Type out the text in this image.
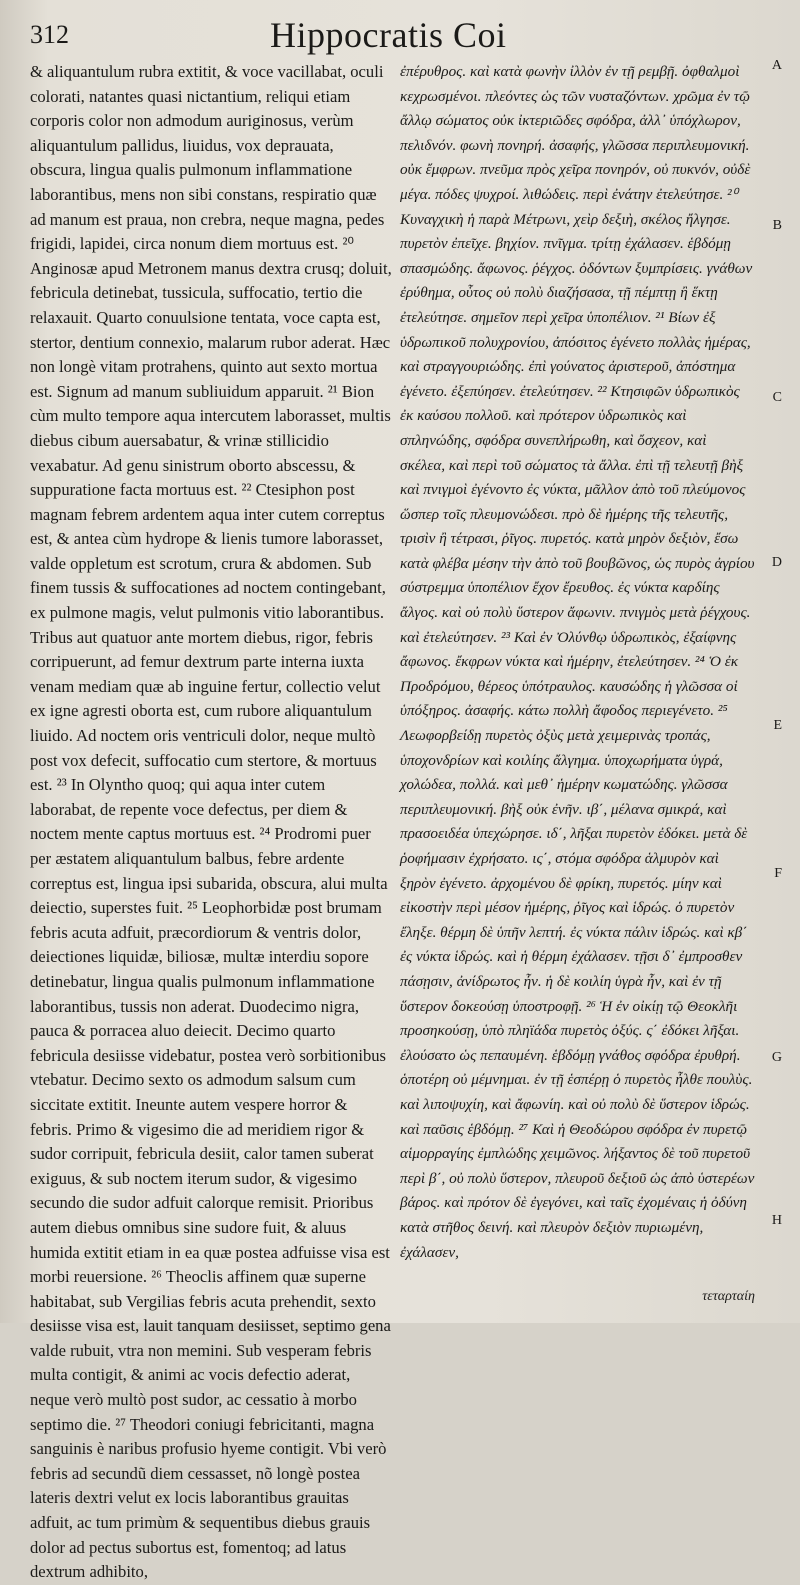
312	Hippocratis Coi

& aliquantulum rubra extitit, & voce vacillabat, oculi colorati, natantes quasi nictantium, reliqui etiam corporis color non admodum auriginosus, verùm aliquantulum pallidus, liuidus, vox deprauata, obscura, lingua qualis pulmonum inflammatione laborantibus, mens non sibi constans, respiratio quæ ad manum est praua, non crebra, neque magna, pedes frigidi, lapidei, circa nonum diem mortuus est. ²⁰ Anginosæ apud Metronem manus dextra crusq; doluit, febricula detinebat, tussicula, suffocatio, tertio die relaxauit. Quarto conuulsione tentata, voce capta est, stertor, dentium connexio, malarum rubor aderat. Hæc non longè vitam protrahens, quinto aut sexto mortua est. Signum ad manum subliuidum apparuit. ²¹ Bion cùm multo tempore aqua intercutem laborasset, multis diebus cibum auersabatur, & vrinæ stillicidio vexabatur. Ad genu sinistrum oborto abscessu, & suppuratione facta mortuus est. ²² Ctesiphon post magnam febrem ardentem aqua inter cutem correptus est, & antea cùm hydrope & lienis tumore laborasset, valde oppletum est scrotum, crura & abdomen. Sub finem tussis & suffocationes ad noctem contingebant, ex pulmone magis, velut pulmonis vitio laborantibus. Tribus aut quatuor ante mortem diebus, rigor, febris corripuerunt, ad femur dextrum parte interna iuxta venam mediam quæ ab inguine fertur, collectio velut ex igne agresti oborta est, cum rubore aliquantulum liuido. Ad noctem oris ventriculi dolor, neque multò post vox defecit, suffocatio cum stertore, & mortuus est. ²³ In Olyntho quoq; qui aqua inter cutem laborabat, de repente voce defectus, per diem & noctem mente captus mortuus est. ²⁴ Prodromi puer per æstatem aliquantulum balbus, febre ardente correptus est, lingua ipsi subarida, obscura, alui multa deiectio, superstes fuit. ²⁵ Leophorbidæ post brumam febris acuta adfuit, præcordiorum & ventris dolor, deiectiones liquidæ, biliosæ, multæ interdiu sopore detinebatur, lingua qualis pulmonum inflammatione laborantibus, tussis non aderat. Duodecimo nigra, pauca & porracea aluo deiecit. Decimo quarto febricula desiisse videbatur, postea verò sorbitionibus vtebatur. Decimo sexto os admodum salsum cum siccitate extitit. Ineunte autem vespere horror & febris. Primo & vigesimo die ad meridiem rigor & sudor corripuit, febricula desiit, calor tamen suberat exiguus, & sub noctem iterum sudor, & vigesimo secundo die sudor adfuit calorque remisit. Prioribus autem diebus omnibus sine sudore fuit, & aluus humida extitit etiam in ea quæ postea adfuisse visa est morbi reuersione. ²⁶ Theoclis affinem quæ superne habitabat, sub Vergilias febris acuta prehendit, sexto desiisse visa est, lauit tanquam desiisset, septimo gena valde rubuit, vtra non memini. Sub vesperam febris multa contigit, & animi ac vocis defectio aderat, neque verò multò post sudor, ac cessatio à morbo septimo die. ²⁷ Theodori coniugi febricitanti, magna sanguinis è naribus profusio hyeme contigit. Vbi verò febris ad secundũ diem cessasset, nõ longè postea lateris dextri velut ex locis laborantibus grauitas adfuit, ac tum primùm & sequentibus diebus grauis dolor ad pectus subortus est, fomentoq; ad latus dextrum adhibito,

ἐπέρυθρος. καὶ κατὰ φωνὴν ἰλλὸν ἐν τῇ ρεμβῇ. ὀφθαλμοὶ κεχρωσμένοι. πλεόντες ὡς τῶν νυσταζόντων. χρῶμα ἐν τῷ ἄλλῳ σώματος οὐκ ἰκτεριῶδες σφόδρα, ἀλλ᾽ ὑπόχλωρον, πελιδνόν. φωνὴ πονηρή. ἀσαφής, γλῶσσα περιπλευμονική. οὐκ ἔμφρων. πνεῦμα πρὸς χεῖρα πονηρόν, οὐ πυκνόν, οὐδὲ μέγα. πόδες ψυχροί. λιθώδεις. περὶ ἐνάτην ἐτελεύτησε. ²⁰ Κυναγχικὴ ἡ παρὰ Μέτρωνι, χεὶρ δεξιὴ, σκέλος ἤλγησε. πυρετὸν ἐπεῖχε. βηχίον. πνῖγμα. τρίτῃ ἐχάλασεν. ἑβδόμῃ σπασμώδης. ἄφωνος. ῥέγχος. ὀδόντων ξυμπρίσεις. γνάθων ἐρύθημα, οὗτος οὐ πολὺ διαζήσασα, τῇ πέμπτῃ ἢ ἕκτῃ ἐτελεύτησε. σημεῖον περὶ χεῖρα ὑποπέλιον. ²¹ Βίων ἐξ ὑδρωπικοῦ πολυχρονίου, ἀπόσιτος ἐγένετο πολλὰς ἡμέρας, καὶ στραγγουριώδης. ἐπὶ γούνατος ἀριστεροῦ, ἀπόστημα ἐγένετο. ἐξεπύησεν. ἐτελεύτησεν. ²² Κτησιφῶν ὑδρωπικὸς ἐκ καύσου πολλοῦ. καὶ πρότερον ὑδρωπικὸς καὶ σπληνώδης, σφόδρα συνεπλήρωθη, καὶ ὄσχεον, καὶ σκέλεα, καὶ περὶ τοῦ σώματος τὰ ἄλλα. ἐπὶ τῇ τελευτῇ βὴξ καὶ πνιγμοὶ ἐγένοντο ἐς νύκτα, μᾶλλον ἀπὸ τοῦ πλεύμονος ὥσπερ τοῖς πλευμονώδεσι. πρὸ δὲ ἡμέρης τῆς τελευτῆς, τρισὶν ἢ τέτρασι, ῥῖγος. πυρετός. κατὰ μηρὸν δεξιὸν, ἔσω κατὰ φλέβα μέσην τὴν ἀπὸ τοῦ βουβῶνος, ὡς πυρὸς ἀγρίου σύστρεμμα ὑποπέλιον ἔχον ἔρευθος. ἐς νύκτα καρδίης ἄλγος. καὶ οὐ πολὺ ὕστερον ἄφωνιν. πνιγμὸς μετὰ ῥέγχους. καὶ ἐτελεύτησεν. ²³ Καὶ ἐν Ὀλύνθῳ ὑδρωπικὸς, ἐξαίφνης ἄφωνος. ἔκφρων νύκτα καὶ ἡμέρην, ἐτελεύτησεν. ²⁴ Ὁ ἐκ Προδρόμου, θέρεος ὑπότραυλος. καυσώδης ἡ γλῶσσα οἱ ὑπόξηρος. ἀσαφής. κάτω πολλὴ ἄφοδος περιεγένετο. ²⁵ Λεωφορβείδῃ πυρετὸς ὀξὺς μετὰ χειμερινὰς τροπάς, ὑποχονδρίων καὶ κοιλίης ἄλγημα. ὑποχωρήματα ὑγρά, χολώδεα, πολλά. καὶ μεθ᾽ ἡμέρην κωματώδης. γλῶσσα περιπλευμονική. βὴξ οὐκ ἐνῆν. ιβ΄, μέλανα σμικρά, καὶ πρασοειδέα ὑπεχώρησε. ιδ΄, λῆξαι πυρετὸν ἐδόκει. μετὰ δὲ ῥοφήμασιν ἐχρήσατο. ις΄, στόμα σφόδρα ἁλμυρὸν καὶ ξηρὸν ἐγένετο. ἀρχομένου δὲ φρίκη, πυρετός. μίην καὶ εἰκοστὴν περὶ μέσον ἡμέρης, ῥῖγος καὶ ἱδρώς. ὁ πυρετὸν ἔληξε. θέρμη δὲ ὑπῆν λεπτή. ἐς νύκτα πάλιν ἱδρώς. καὶ κβ΄ ἐς νύκτα ἱδρώς. καὶ ἡ θέρμη ἐχάλασεν. τῇσι δ᾽ ἐμπροσθεν πάσῃσιν, ἀνίδρωτος ἦν. ἡ δὲ κοιλίη ὑγρὰ ἦν, καὶ ἐν τῇ ὕστερον δοκεούσῃ ὑποστροφῇ. ²⁶ Ἡ ἐν οἰκίῃ τῷ Θεοκλῆι προσηκούσῃ, ὑπὸ πληϊάδα πυρετὸς ὀξύς. ς΄ ἐδόκει λῆξαι. ἐλούσατο ὡς πεπαυμένη. ἑβδόμῃ γνάθος σφόδρα ἐρυθρή. ὁποτέρη οὐ μέμνημαι. ἐν τῇ ἑσπέρῃ ὁ πυρετὸς ἦλθε πουλὺς. καὶ λιποψυχίη, καὶ ἄφωνίη. καὶ οὐ πολὺ δὲ ὕστερον ἱδρώς. καὶ παῦσις ἑβδόμῃ. ²⁷ Καὶ ἡ Θεοδώρου σφόδρα ἐν πυρετῷ αἱμορραγίης ἐμπλώδης χειμῶνος. λήξαντος δὲ τοῦ πυρετοῦ περὶ β΄, οὐ πολὺ ὕστερον, πλευροῦ δεξιοῦ ὡς ἀπὸ ὑστερέων βάρος. καὶ πρότον δὲ ἐγεγόνει, καὶ ταῖς ἐχομέναις ἡ ὀδύνη κατὰ στῆθος δεινή. καὶ πλευρὸν δεξιὸν πυριωμένη, ἐχάλασεν,

A
B
C
D
E
F
G
H
τεταρταίη
